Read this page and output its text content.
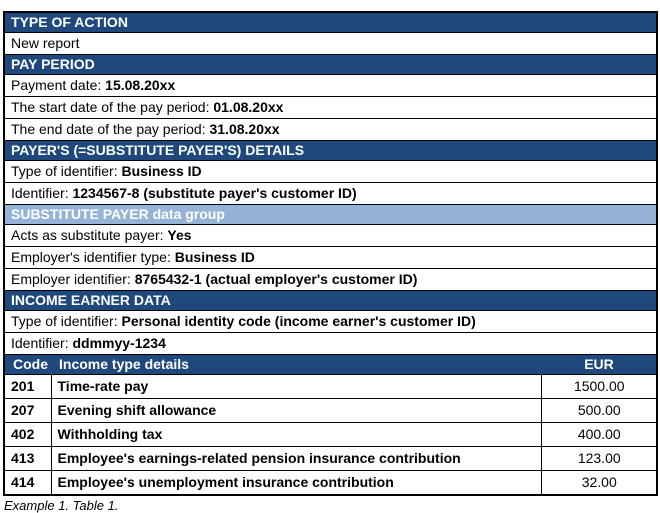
TYPE OF ACTION		
New report		
PAY PERIOD		
Payment date: 15.08.20xx		
The start date of the pay period: 01.08.20xx		
The end date of the pay period: 31.08.20xx		
PAYER'S (=SUBSTITUTE PAYER'S) DETAILS		
Type of identifier: Business ID		
Identifier: 1234567-8 (substitute payer's customer ID)		
SUBSTITUTE PAYER data group		
Acts as substitute payer: Yes		
Employer's identifier type: Business ID		
Employer identifier: 8765432-1 (actual employer's customer ID)		
INCOME EARNER DATA		
Type of identifier: Personal identity code (income earner's customer ID)		
Identifier: ddmmyy-1234		
Code	Income type details	EUR
201	Time-rate pay	1500.00
207	Evening shift allowance	500.00
402	Withholding tax	400.00
413	Employee's earnings-related pension insurance contribution	123.00
414	Employee's unemployment insurance contribution	32.00
Example 1. Table 1.
